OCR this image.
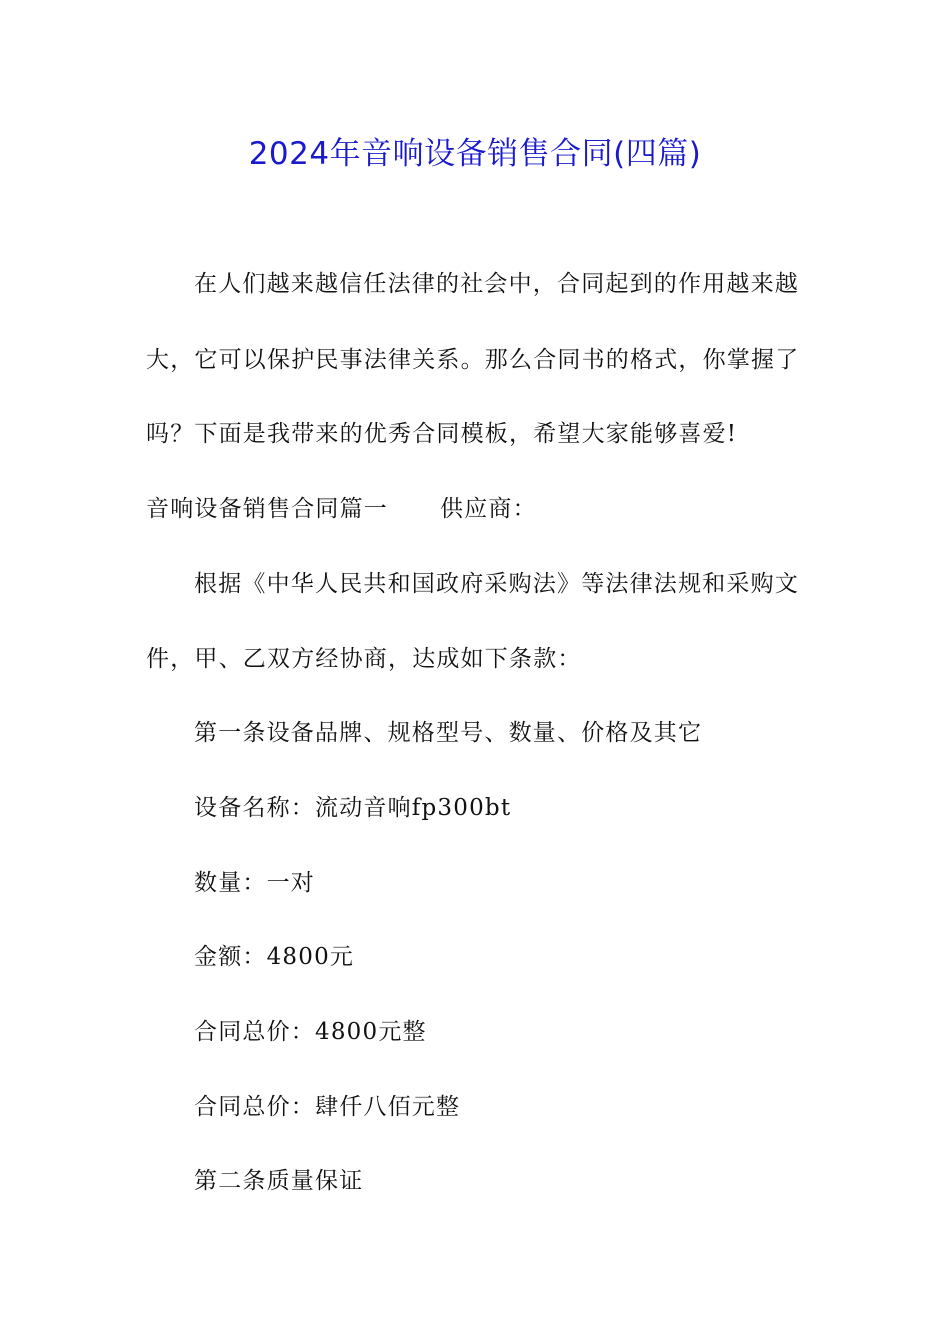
2024年音响设备销售合同(四篇)
在人们越来越信任法律的社会中，合同起到的作用越来越
大，它可以保护民事法律关系。那么合同书的格式，你掌握了
吗？下面是我带来的优秀合同模板，希望大家能够喜爱!
音响设备销售合同篇一 供应商：
根据《中华人民共和国政府采购法》等法律法规和采购文
件，甲、乙双方经协商，达成如下条款：
第一条设备品牌、规格型号、数量、价格及其它
设备名称：流动音响fp300bt
数量：一对
金额：4800元
合同总价：4800元整
合同总价：肆仟八佰元整
第二条质量保证
